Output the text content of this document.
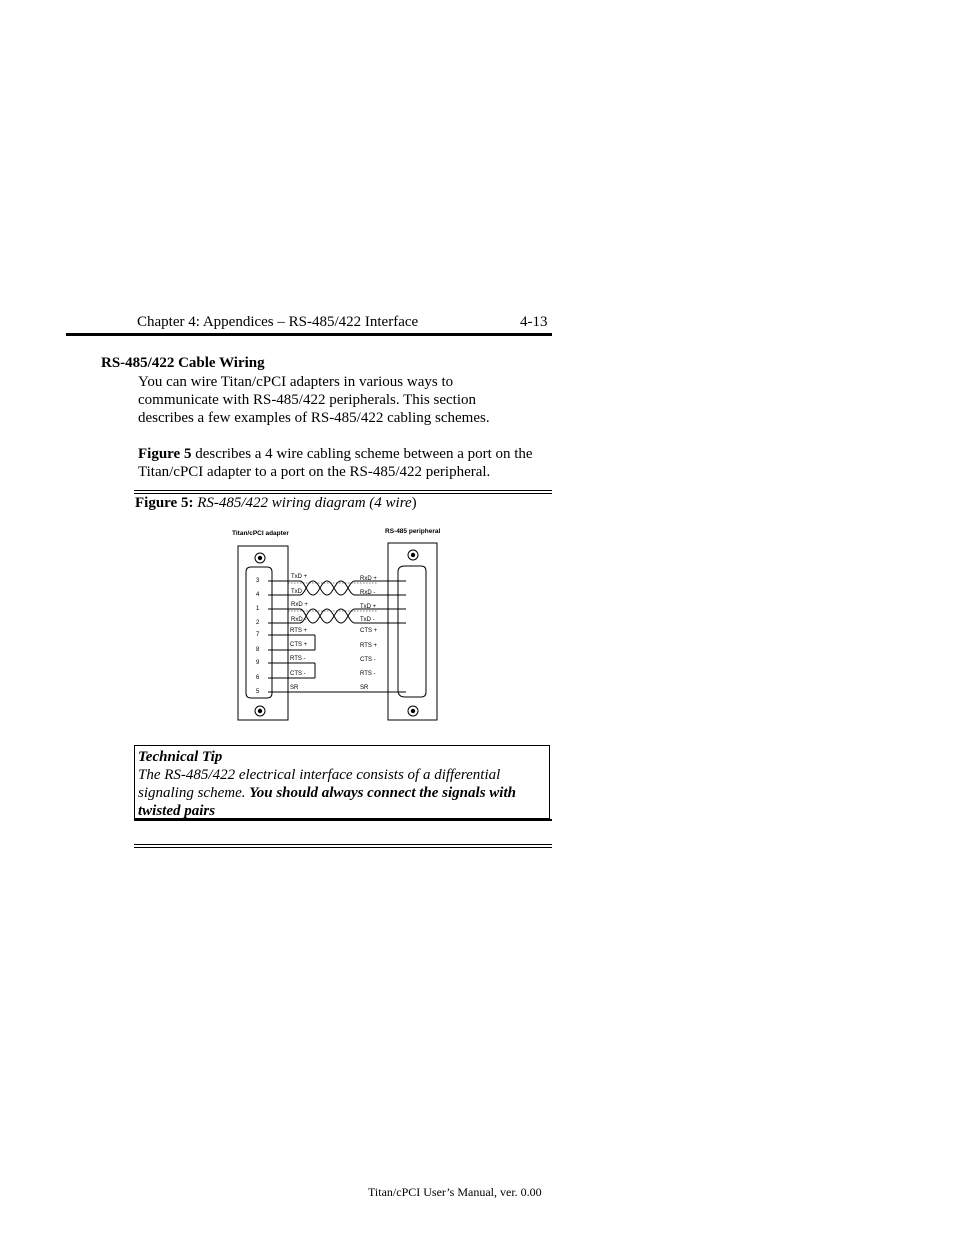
Chapter 4: Appendices – RS-485/422 Interface	4-13
RS-485/422 Cable Wiring
You can wire Titan/cPCI adapters in various ways to
communicate with RS-485/422 peripherals. This section
describes a few examples of RS-485/422 cabling schemes.
Figure 5 describes a 4 wire cabling scheme between a port on the
Titan/cPCI adapter to a port on the RS-485/422 peripheral.
Figure 5: RS-485/422 wiring diagram (4 wire)
Titan/cPCI adapter	RS-485 peripheral
3
4
1
2
7
8
9
6
5
TxD +
TxD -
RxD +
RxD -
RTS +
CTS +
RTS -
CTS -
SR
RxD +
RxD -
TxD +
TxD -
CTS +
RTS +
CTS -
RTS -
SR
Technical Tip
The RS-485/422 electrical interface consists of a differential
signaling scheme. You should always connect the signals with
twisted pairs
Titan/cPCI User’s Manual, ver. 0.00
